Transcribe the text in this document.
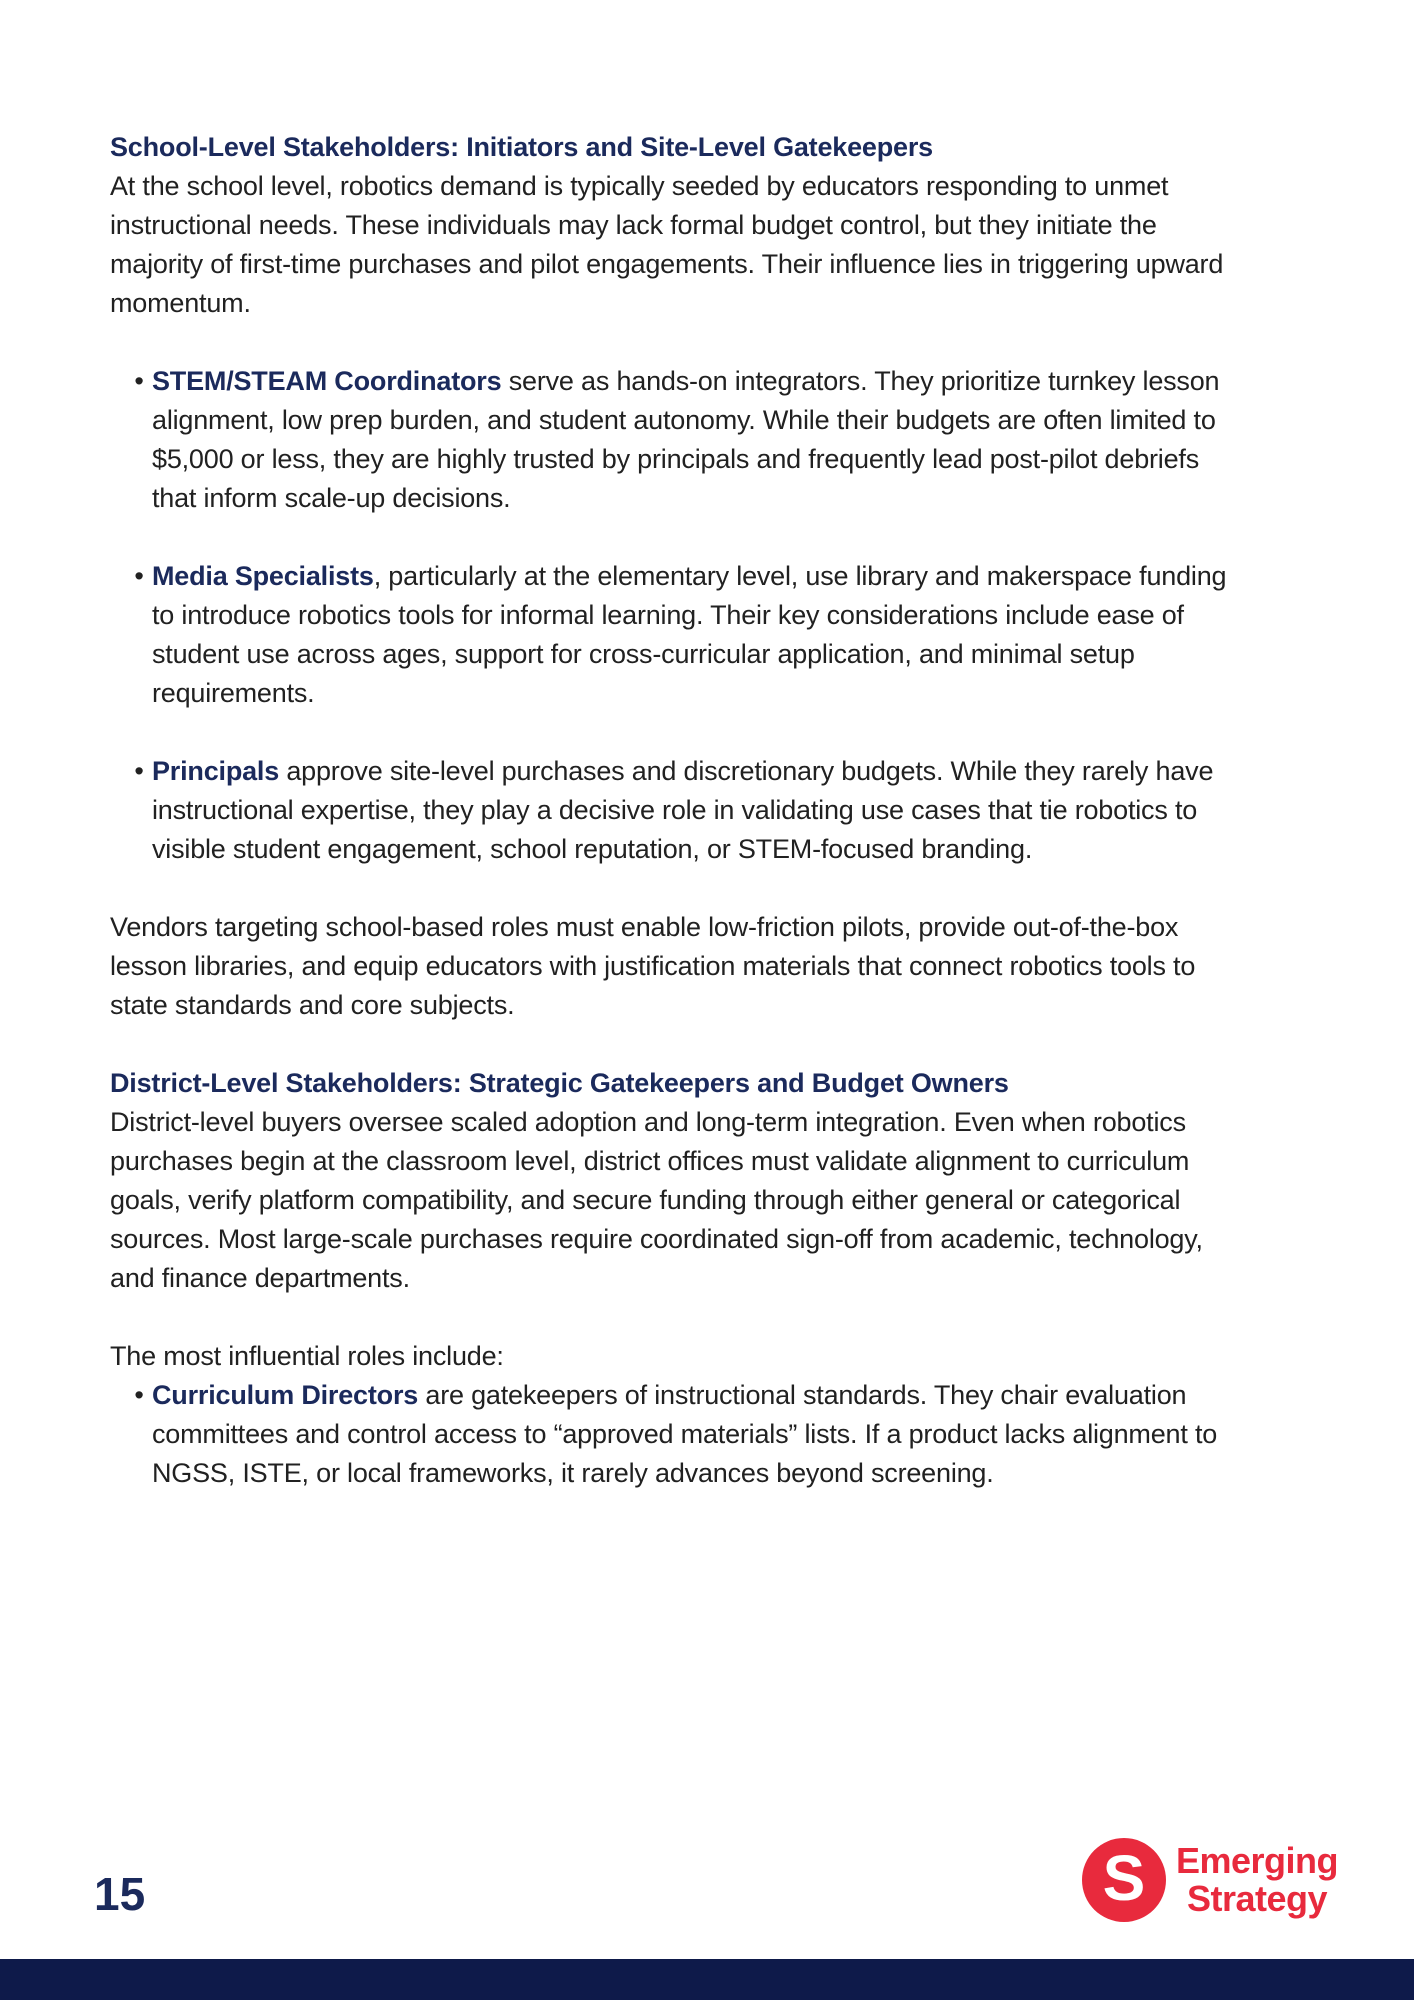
School-Level Stakeholders: Initiators and Site-Level Gatekeepers

At the school level, robotics demand is typically seeded by educators responding to unmet instructional needs. These individuals may lack formal budget control, but they initiate the majority of first-time purchases and pilot engagements. Their influence lies in triggering upward momentum.

• STEM/STEAM Coordinators serve as hands-on integrators. They prioritize turnkey lesson alignment, low prep burden, and student autonomy. While their budgets are often limited to $5,000 or less, they are highly trusted by principals and frequently lead post-pilot debriefs that inform scale-up decisions.
• Media Specialists, particularly at the elementary level, use library and makerspace funding to introduce robotics tools for informal learning. Their key considerations include ease of student use across ages, support for cross-curricular application, and minimal setup requirements.
• Principals approve site-level purchases and discretionary budgets. While they rarely have instructional expertise, they play a decisive role in validating use cases that tie robotics to visible student engagement, school reputation, or STEM-focused branding.

Vendors targeting school-based roles must enable low-friction pilots, provide out-of-the-box lesson libraries, and equip educators with justification materials that connect robotics tools to state standards and core subjects.

District-Level Stakeholders: Strategic Gatekeepers and Budget Owners

District-level buyers oversee scaled adoption and long-term integration. Even when robotics purchases begin at the classroom level, district offices must validate alignment to curriculum goals, verify platform compatibility, and secure funding through either general or categorical sources. Most large-scale purchases require coordinated sign-off from academic, technology, and finance departments.

The most influential roles include:

• Curriculum Directors are gatekeepers of instructional standards. They chair evaluation committees and control access to “approved materials” lists. If a product lacks alignment to NGSS, ISTE, or local frameworks, it rarely advances beyond screening.
15	S Emerging
Strategy
